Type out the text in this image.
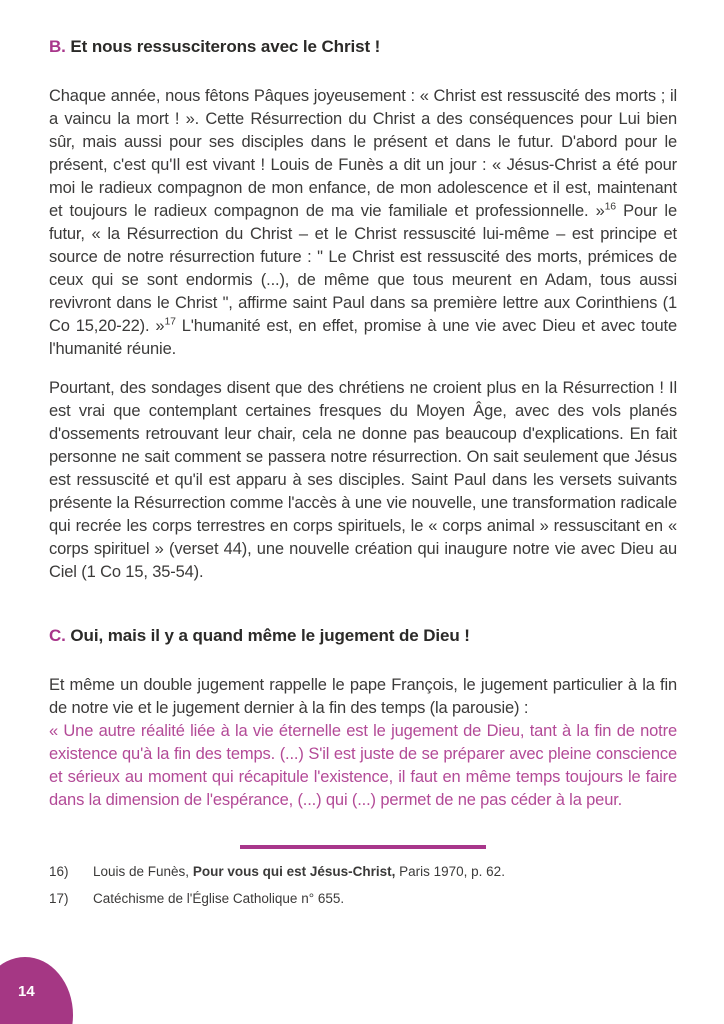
B. Et nous ressusciterons avec le Christ !

Chaque année, nous fêtons Pâques joyeusement : « Christ est ressuscité des morts ; il a vaincu la mort ! ». Cette Résurrection du Christ a des conséquences pour Lui bien sûr, mais aussi pour ses disciples dans le présent et dans le futur. D'abord pour le présent, c'est qu'Il est vivant ! Louis de Funès a dit un jour : « Jésus-Christ a été pour moi le radieux compagnon de mon enfance, de mon adolescence et il est, maintenant et toujours le radieux compagnon de ma vie familiale et professionnelle. »$^{16}$ Pour le futur, « la Résurrection du Christ – et le Christ ressuscité lui-même – est principe et source de notre résurrection future : " Le Christ est ressuscité des morts, prémices de ceux qui se sont endormis (...), de même que tous meurent en Adam, tous aussi revivront dans le Christ ", affirme saint Paul dans sa première lettre aux Corinthiens (1 Co 15,20-22). »$^{17}$ L'humanité est, en effet, promise à une vie avec Dieu et avec toute l'humanité réunie.

Pourtant, des sondages disent que des chrétiens ne croient plus en la Résurrection ! Il est vrai que contemplant certaines fresques du Moyen Âge, avec des vols planés d'ossements retrouvant leur chair, cela ne donne pas beaucoup d'explications. En fait personne ne sait comment se passera notre résurrection. On sait seulement que Jésus est ressuscité et qu'il est apparu à ses disciples. Saint Paul dans les versets suivants présente la Résurrection comme l'accès à une vie nouvelle, une transformation radicale qui recrée les corps terrestres en corps spirituels, le « corps animal » ressuscitant en « corps spirituel » (verset 44), une nouvelle création qui inaugure notre vie avec Dieu au Ciel (1 Co 15, 35-54).

C. Oui, mais il y a quand même le jugement de Dieu !

Et même un double jugement rappelle le pape François, le jugement particulier à la fin de notre vie et le jugement dernier à la fin des temps (la parousie) :

« Une autre réalité liée à la vie éternelle est le jugement de Dieu, tant à la fin de notre existence qu'à la fin des temps. (...) S'il est juste de se préparer avec pleine conscience et sérieux au moment qui récapitule l'existence, il faut en même temps toujours le faire dans la dimension de l'espérance, (...) qui (...) permet de ne pas céder à la peur.

16)	Louis de Funès, Pour vous qui est Jésus-Christ, Paris 1970, p. 62.
17)	Catéchisme de l'Église Catholique n° 655.
14
